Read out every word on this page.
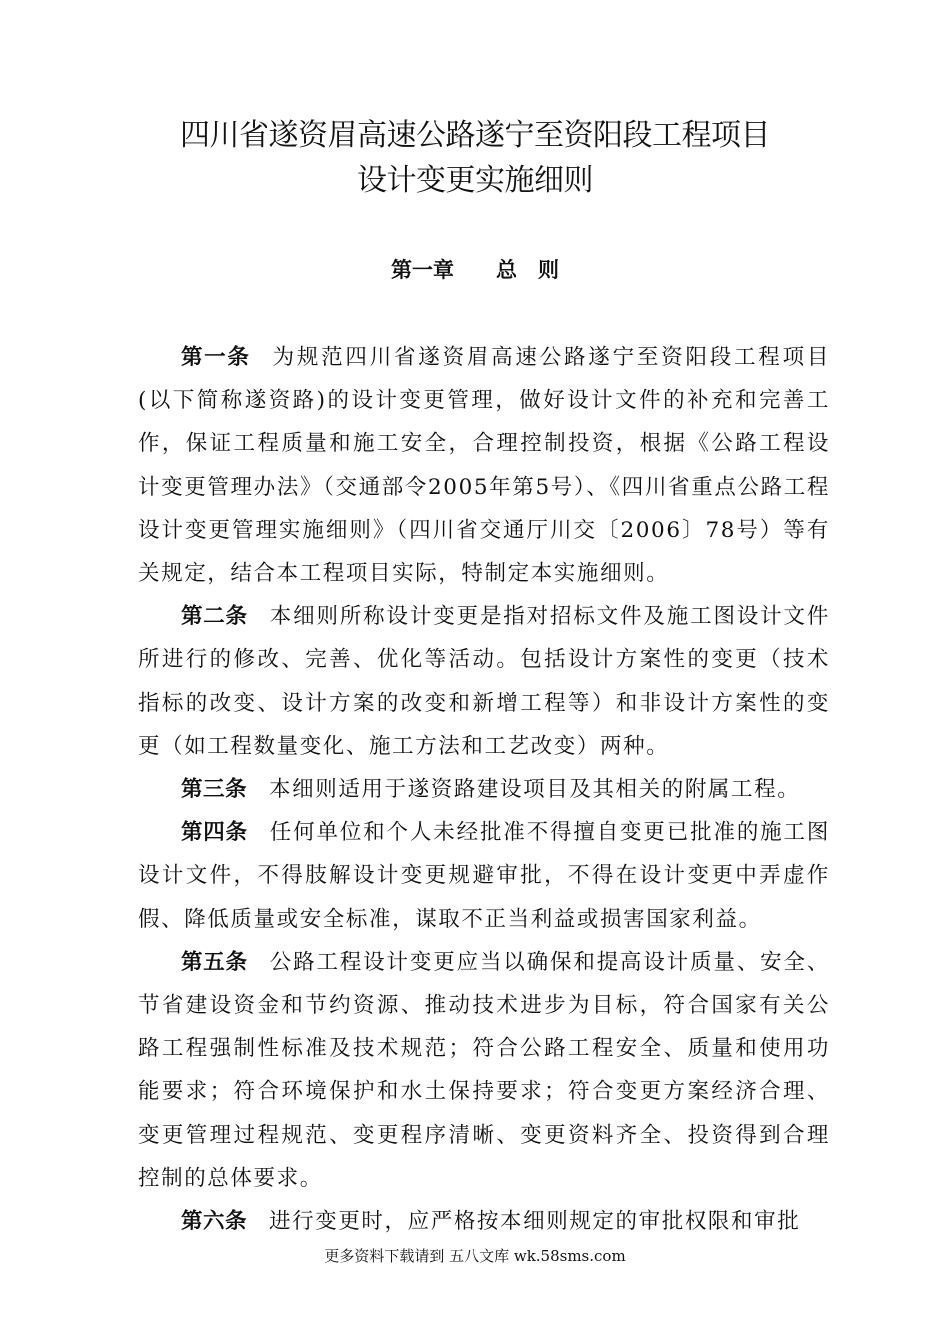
四川省遂资眉高速公路遂宁至资阳段工程项目
设计变更实施细则
第一章　　总　则

第一条 为规范四川省遂资眉高速公路遂宁至资阳段工程项目(以下简称遂资路)的设计变更管理，做好设计文件的补充和完善工作，保证工程质量和施工安全，合理控制投资，根据《公路工程设计变更管理办法》（交通部令2005年第5号）、《四川省重点公路工程设计变更管理实施细则》（四川省交通厅川交〔2006〕78号）等有关规定，结合本工程项目实际，特制定本实施细则。

第二条 本细则所称设计变更是指对招标文件及施工图设计文件所进行的修改、完善、优化等活动。包括设计方案性的变更（技术指标的改变、设计方案的改变和新增工程等）和非设计方案性的变更（如工程数量变化、施工方法和工艺改变）两种。

第三条 本细则适用于遂资路建设项目及其相关的附属工程。

第四条 任何单位和个人未经批准不得擅自变更已批准的施工图设计文件，不得肢解设计变更规避审批，不得在设计变更中弄虚作假、降低质量或安全标准，谋取不正当利益或损害国家利益。

第五条 公路工程设计变更应当以确保和提高设计质量、安全、节省建设资金和节约资源、推动技术进步为目标，符合国家有关公路工程强制性标准及技术规范；符合公路工程安全、质量和使用功能要求；符合环境保护和水土保持要求；符合变更方案经济合理、变更管理过程规范、变更程序清晰、变更资料齐全、投资得到合理控制的总体要求。

第六条 进行变更时，应严格按本细则规定的审批权限和审批

更多资料下载请到 五八文库 wk.58sms.com
